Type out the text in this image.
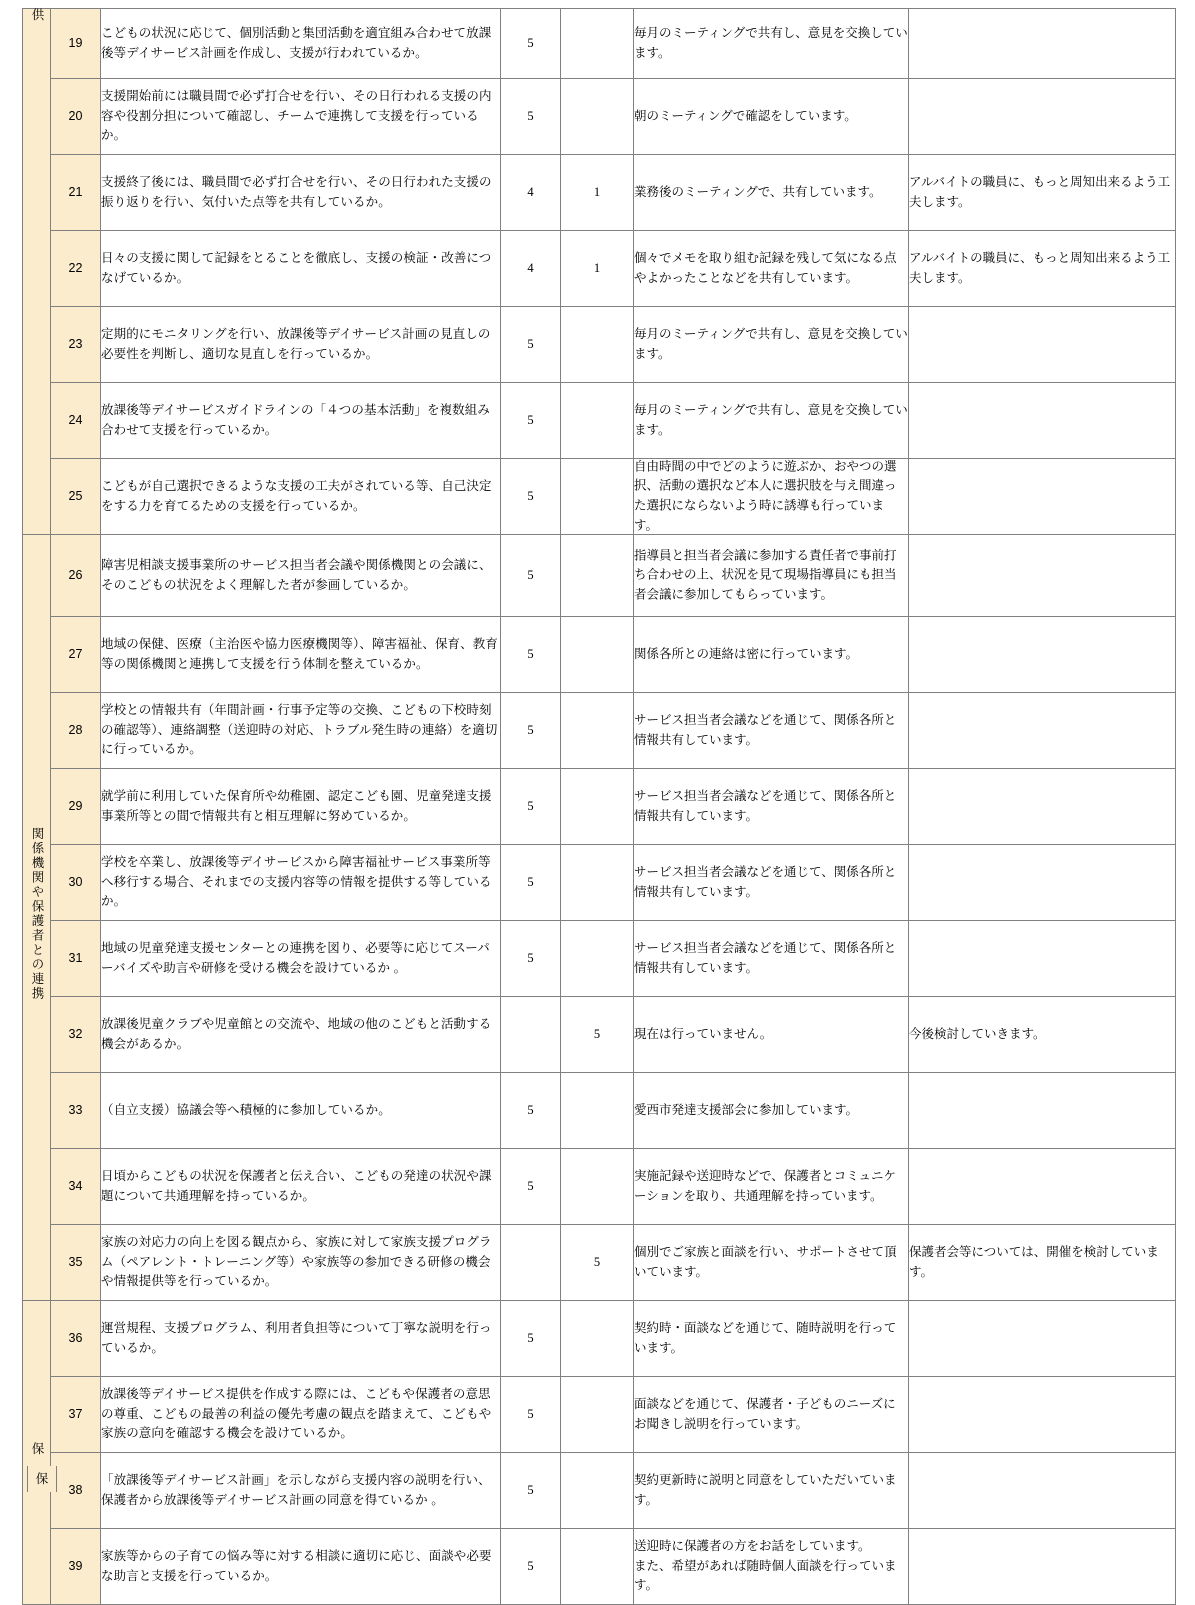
供	19	こどもの状況に応じて、個別活動と集団活動を適宜組み合わせて放課後等デイサービス計画を作成し、支援が行われているか。	5		毎月のミーティングで共有し、意見を交換しています。	
	20	支援開始前には職員間で必ず打合せを行い、その日行われる支援の内容や役割分担について確認し、チームで連携して支援を行っているか。	5		朝のミーティングで確認をしています。	
	21	支援終了後には、職員間で必ず打合せを行い、その日行われた支援の振り返りを行い、気付いた点等を共有しているか。	4	1	業務後のミーティングで、共有しています。	アルバイトの職員に、もっと周知出来るよう工夫します。
	22	日々の支援に関して記録をとることを徹底し、支援の検証・改善につなげているか。	4	1	個々でメモを取り組む記録を残して気になる点やよかったことなどを共有しています。	アルバイトの職員に、もっと周知出来るよう工夫します。
	23	定期的にモニタリングを行い、放課後等デイサービス計画の見直しの必要性を判断し、適切な見直しを行っているか。	5		毎月のミーティングで共有し、意見を交換しています。	
	24	放課後等デイサービスガイドラインの「４つの基本活動」を複数組み合わせて支援を行っているか。	5		毎月のミーティングで共有し、意見を交換しています。	
	25	こどもが自己選択できるような支援の工夫がされている等、自己決定をする力を育てるための支援を行っているか。	5		自由時間の中でどのように遊ぶか、おやつの選択、活動の選択など本人に選択肢を与え間違った選択にならないよう時に誘導も行っています。	

関係機関や保護者との連携	26	障害児相談支援事業所のサービス担当者会議や関係機関との会議に、そのこどもの状況をよく理解した者が参画しているか。	5		指導員と担当者会議に参加する責任者で事前打ち合わせの上、状況を見て現場指導員にも担当者会議に参加してもらっています。	

	27	地域の保健、医療（主治医や協力医療機関等）、障害福祉、保育、教育等の関係機関と連携して支援を行う体制を整えているか。	5		関係各所との連絡は密に行っています。	
	28	学校との情報共有（年間計画・行事予定等の交換、こどもの下校時刻の確認等）、連絡調整（送迎時の対応、トラブル発生時の連絡）を適切に行っているか。	5		サービス担当者会議などを通じて、関係各所と情報共有しています。	
	29	就学前に利用していた保育所や幼稚園、認定こども園、児童発達支援事業所等との間で情報共有と相互理解に努めているか。	5		サービス担当者会議などを通じて、関係各所と情報共有しています。	
	30	学校を卒業し、放課後等デイサービスから障害福祉サービス事業所等へ移行する場合、それまでの支援内容等の情報を提供する等しているか。	5		サービス担当者会議などを通じて、関係各所と情報共有しています。	
	31	地域の児童発達支援センターとの連携を図り、必要等に応じてスーパーバイズや助言や研修を受ける機会を設けているか 。	5		サービス担当者会議などを通じて、関係各所と情報共有しています。	
	32	放課後児童クラブや児童館との交流や、地域の他のこどもと活動する機会があるか。		5	現在は行っていません。	今後検討していきます。
	33	（自立支援）協議会等へ積極的に参加しているか。	5		愛西市発達支援部会に参加しています。	
	34	日頃からこどもの状況を保護者と伝え合い、こどもの発達の状況や課題について共通理解を持っているか。	5		実施記録や送迎時などで、保護者とコミュニケーションを取り、共通理解を持っています。	
	35	家族の対応力の向上を図る観点から、家族に対して家族支援プログラム（ペアレント・トレーニング等）や家族等の参加できる研修の機会や情報提供等を行っているか。		5	個別でご家族と面談を行い、サポートさせて頂いています。	保護者会等については、開催を検討しています。
保	36	運営規程、支援プログラム、利用者負担等について丁寧な説明を行っているか。	5		契約時・面談などを通じて、随時説明を行っています。	
	37	放課後等デイサービス提供を作成する際には、こどもや保護者の意思の尊重、こどもの最善の利益の優先考慮の観点を踏まえて、こどもや家族の意向を確認する機会を設けているか。	5		面談などを通じて、保護者・子どものニーズにお聞きし説明を行っています。	
	38	「放課後等デイサービス計画」を示しながら支援内容の説明を行い、保護者から放課後等デイサービス計画の同意を得ているか 。	5		契約更新時に説明と同意をしていただいています。	
	39	家族等からの子育ての悩み等に対する相談に適切に応じ、面談や必要な助言と支援を行っているか。	5		送迎時に保護者の方をお話をしています。
また、希望があれば随時個人面談を行っています。	
保
